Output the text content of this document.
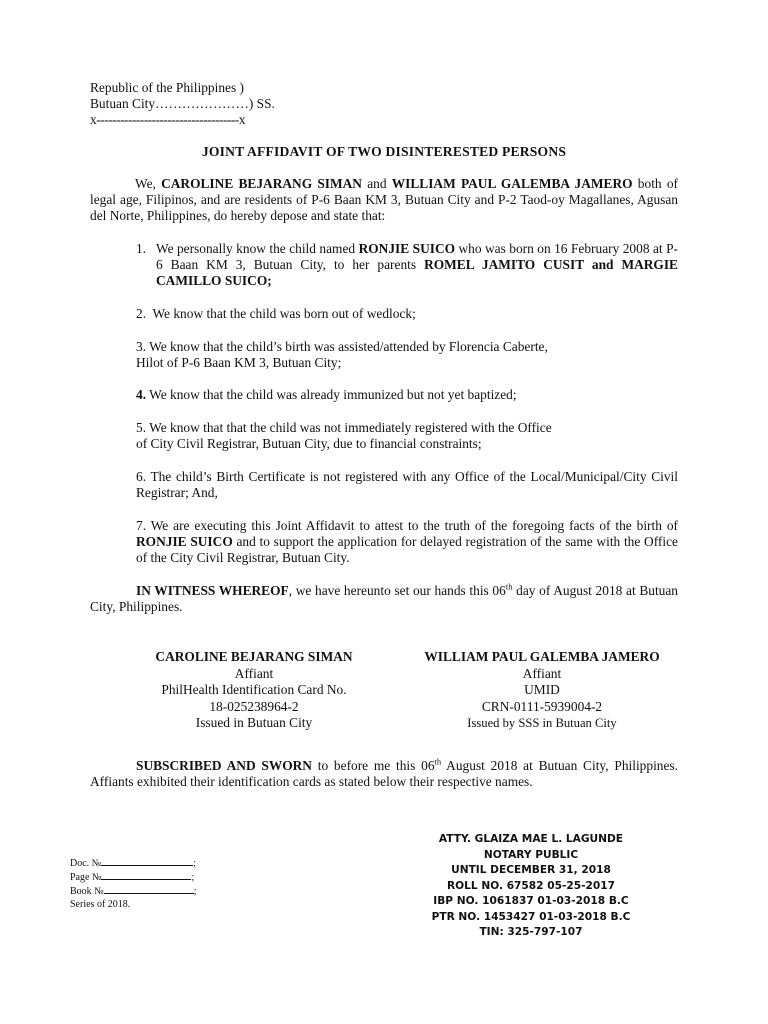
Republic of the Philippines )
Butuan City…………………) SS.
x------------------------------------x
JOINT AFFIDAVIT OF TWO DISINTERESTED PERSONS
We, CAROLINE BEJARANG SIMAN and WILLIAM PAUL GALEMBA JAMERO both of legal age, Filipinos, and are residents of P-6 Baan KM 3, Butuan City and P-2 Taod-oy Magallanes, Agusan del Norte, Philippines, do hereby depose and state that:
1. We personally know the child named RONJIE SUICO who was born on 16 February 2008 at P-6 Baan KM 3, Butuan City, to her parents ROMEL JAMITO CUSIT and MARGIE CAMILLO SUICO;
2.  We know that the child was born out of wedlock;
3. We know that the child’s birth was assisted/attended by Florencia Caberte,
Hilot of P-6 Baan KM 3, Butuan City;
4. We know that the child was already immunized but not yet baptized;
5. We know that that the child was not immediately registered with the Office
of City Civil Registrar, Butuan City, due to financial constraints;
6. The child’s Birth Certificate is not registered with any Office of the Local/Municipal/City Civil Registrar; And,
7. We are executing this Joint Affidavit to attest to the truth of the foregoing facts of the birth of RONJIE SUICO and to support the application for delayed registration of the same with the Office of the City Civil Registrar, Butuan City.
IN WITNESS WHEREOF, we have hereunto set our hands this 06th day of August 2018 at Butuan City, Philippines.
CAROLINE BEJARANG SIMAN
Affiant
PhilHealth Identification Card No.
18-025238964-2
Issued in Butuan City
WILLIAM PAUL GALEMBA JAMERO
Affiant
UMID
CRN-0111-5939004-2
Issued by SSS in Butuan City
SUBSCRIBED AND SWORN to before me this 06th August 2018 at Butuan City, Philippines. Affiants exhibited their identification cards as stated below their respective names.
Doc. №	;
Page №	;
Book №	;
Series of 2018.
ATTY. GLAIZA MAE L. LAGUNDE
NOTARY PUBLIC
UNTIL DECEMBER 31, 2018
ROLL NO. 67582 05-25-2017
IBP NO. 1061837 01-03-2018 B.C
PTR NO. 1453427 01-03-2018 B.C
TIN: 325-797-107
